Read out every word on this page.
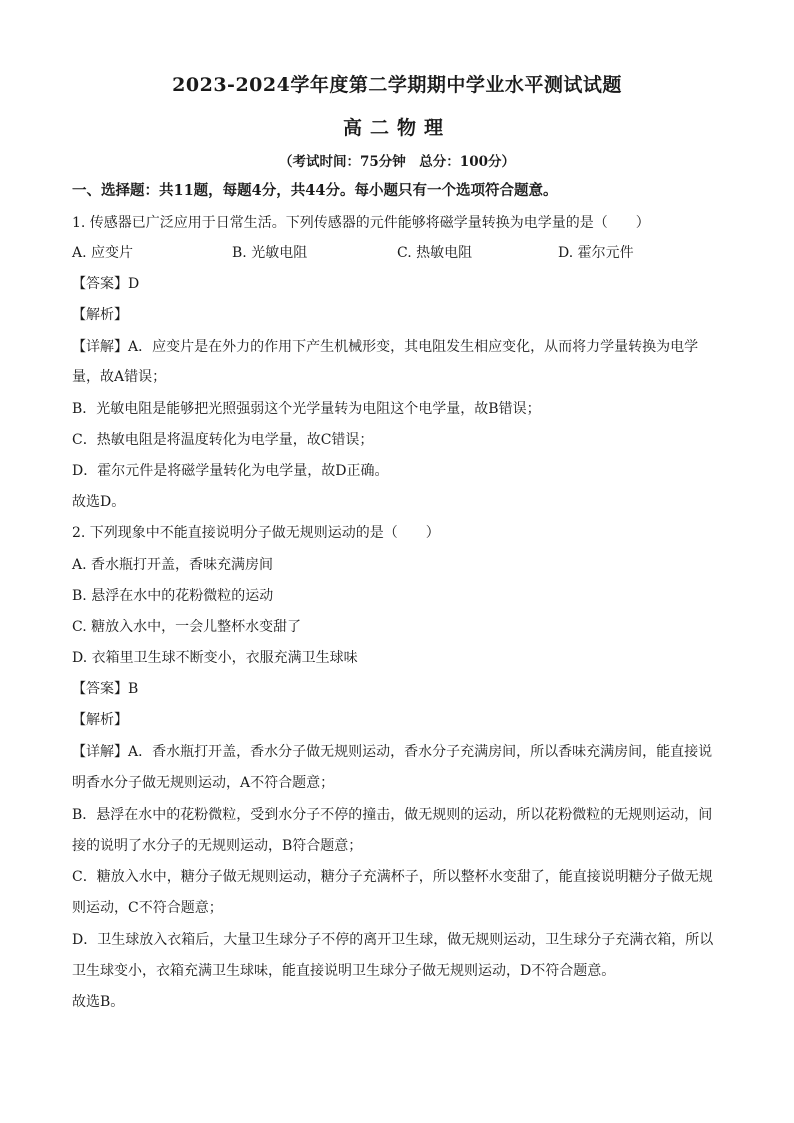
2023-2024学年度第二学期期中学业水平测试试题
高二物理
（考试时间：75分钟　总分：100分）
一、选择题：共11题，每题4分，共44分。每小题只有一个选项符合题意。
1. 传感器已广泛应用于日常生活。下列传感器的元件能够将磁学量转换为电学量的是（　　）
A. 应变片	B. 光敏电阻	C. 热敏电阻	D. 霍尔元件
【答案】D
【解析】
【详解】A．应变片是在外力的作用下产生机械形变，其电阻发生相应变化，从而将力学量转换为电学
量，故A错误；
B．光敏电阻是能够把光照强弱这个光学量转为电阻这个电学量，故B错误；
C．热敏电阻是将温度转化为电学量，故C错误；
D．霍尔元件是将磁学量转化为电学量，故D正确。
故选D。
2. 下列现象中不能直接说明分子做无规则运动的是（　　）
A. 香水瓶打开盖，香味充满房间
B. 悬浮在水中的花粉微粒的运动
C. 糖放入水中，一会儿整杯水变甜了
D. 衣箱里卫生球不断变小，衣服充满卫生球味
【答案】B
【解析】
【详解】A．香水瓶打开盖，香水分子做无规则运动，香水分子充满房间，所以香味充满房间，能直接说
明香水分子做无规则运动，A不符合题意；
B．悬浮在水中的花粉微粒，受到水分子不停的撞击，做无规则的运动，所以花粉微粒的无规则运动，间
接的说明了水分子的无规则运动，B符合题意；
C．糖放入水中，糖分子做无规则运动，糖分子充满杯子，所以整杯水变甜了，能直接说明糖分子做无规
则运动，C不符合题意；
D．卫生球放入衣箱后，大量卫生球分子不停的离开卫生球，做无规则运动，卫生球分子充满衣箱，所以
卫生球变小，衣箱充满卫生球味，能直接说明卫生球分子做无规则运动，D不符合题意。
故选B。
